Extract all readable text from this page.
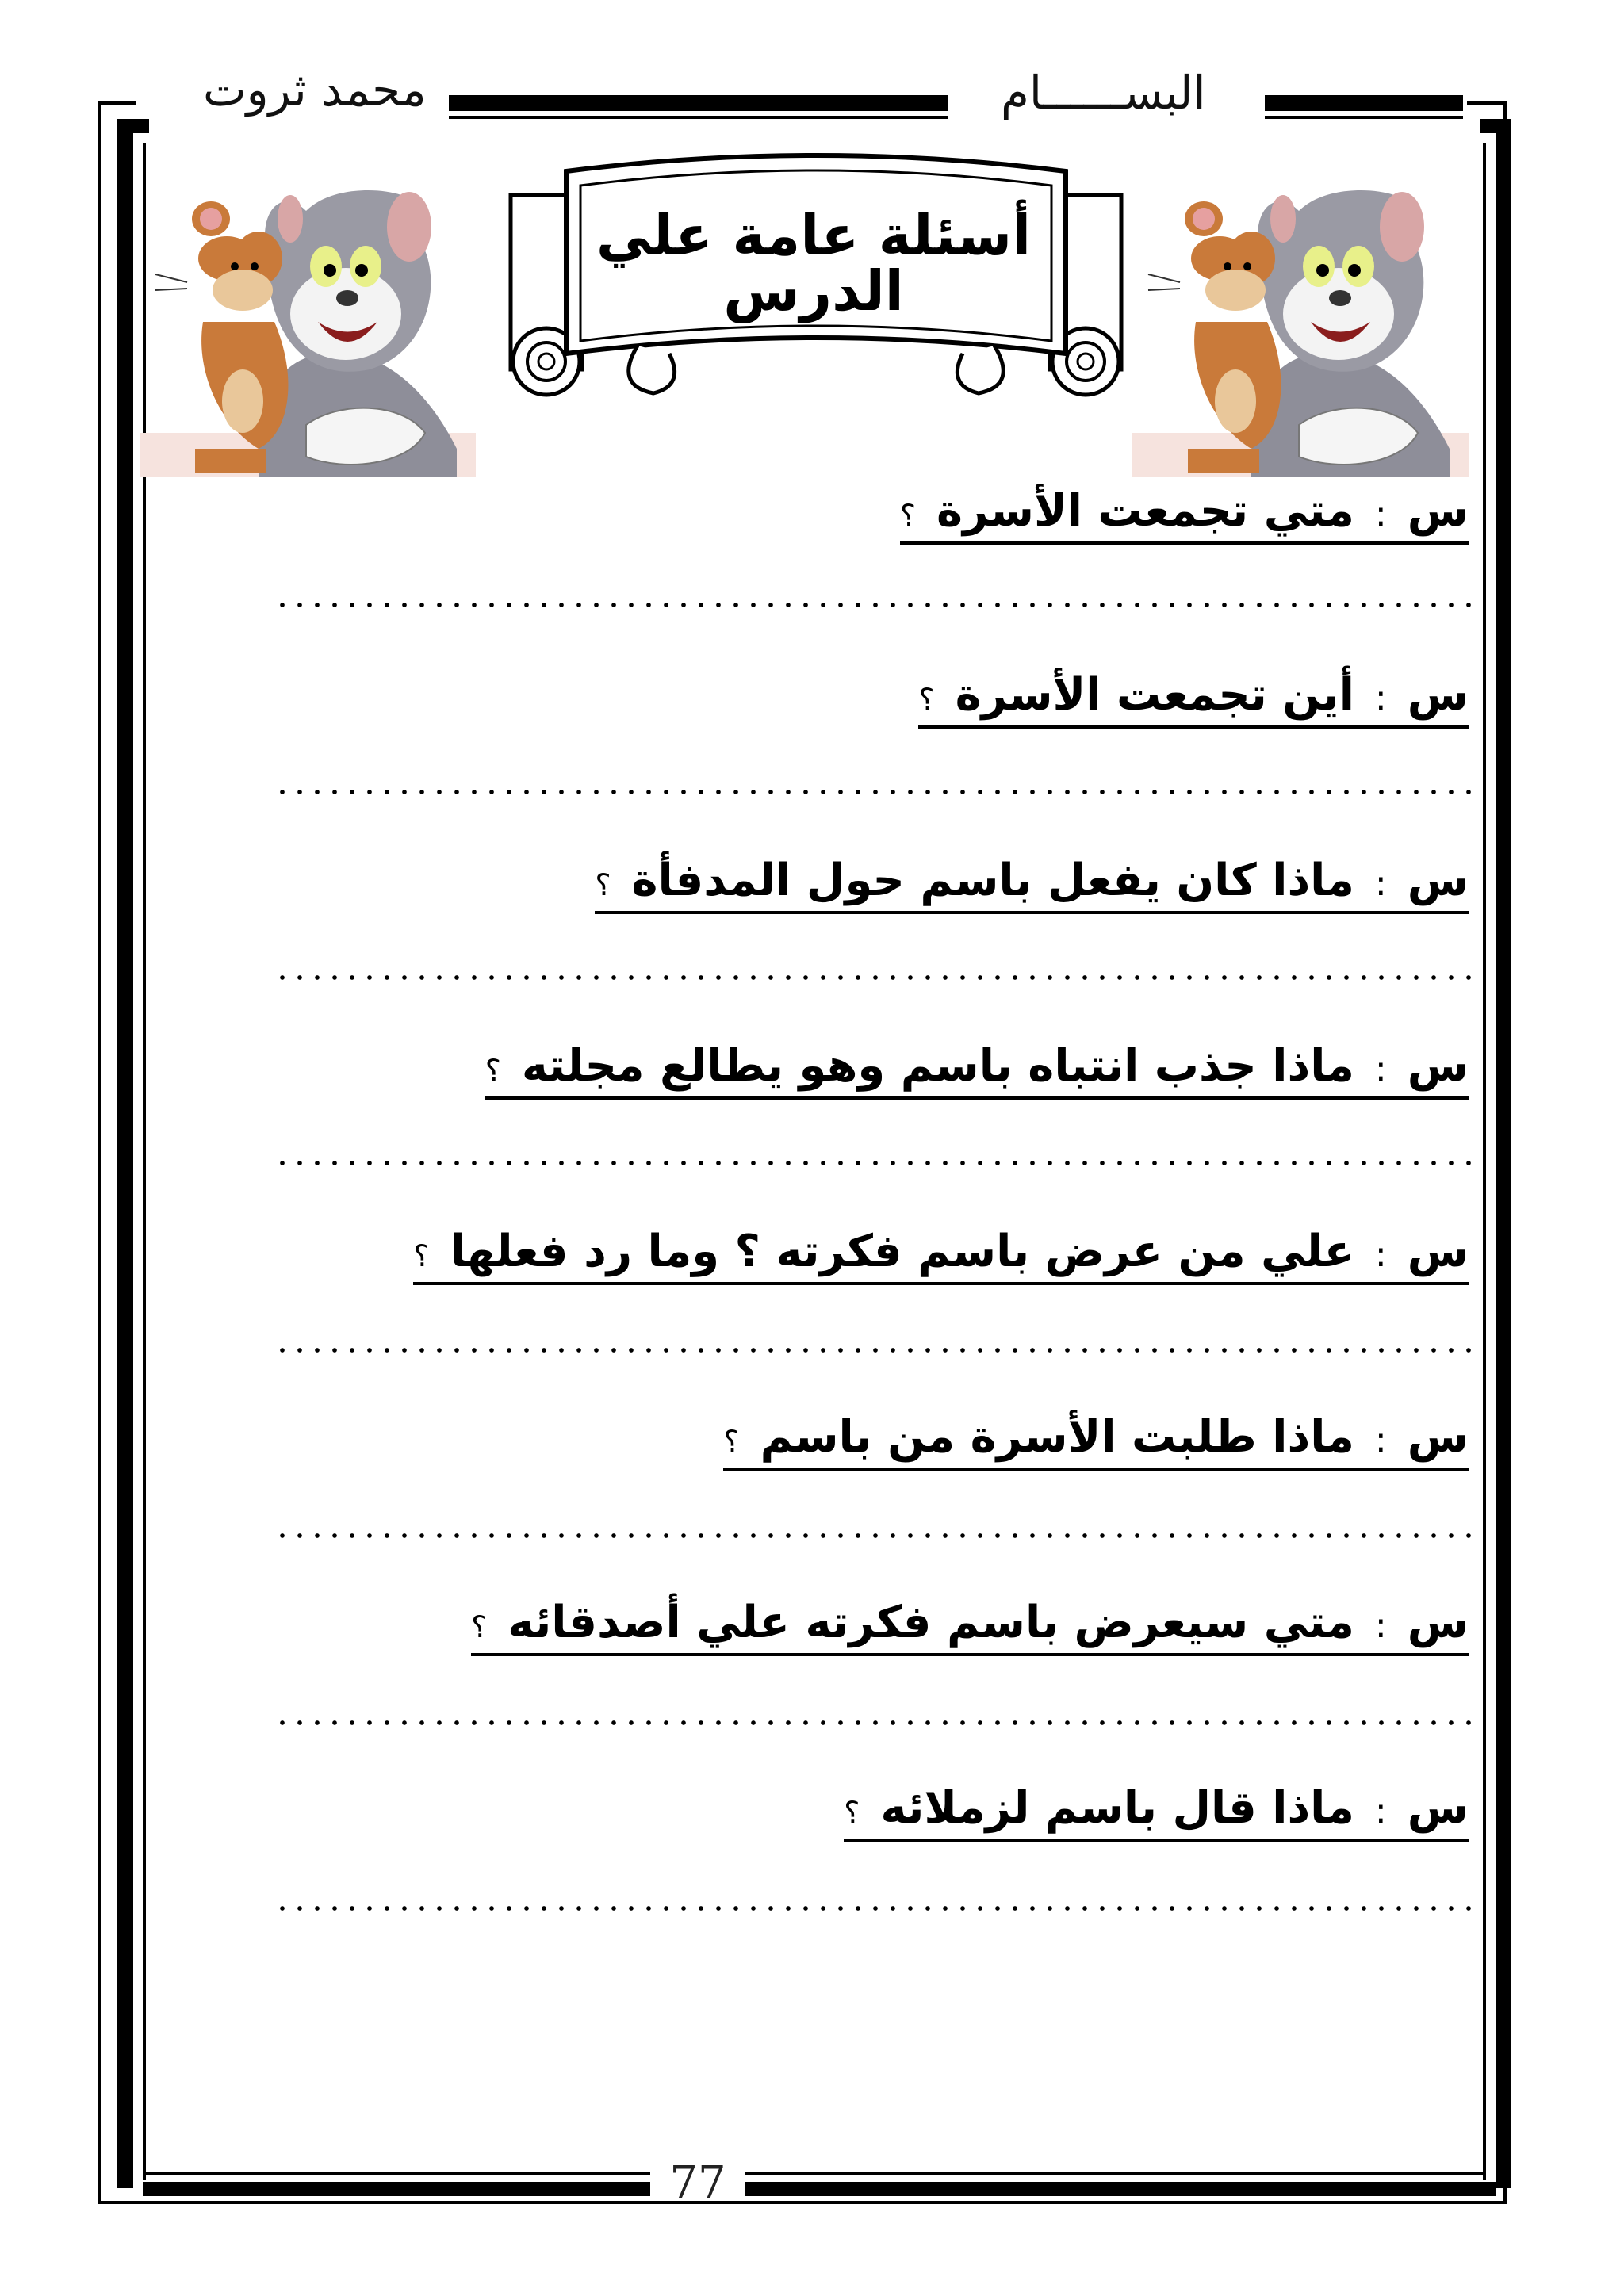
البســــــام
محمد ثروت
77
أسئلة عامة علي الدرس
س
:
متي تجمعت الأسرة
؟
س
:
أين تجمعت الأسرة
؟
س
:
ماذا كان يفعل باسم حول المدفأة
؟
س
:
ماذا جذب انتباه باسم وهو يطالع مجلته
؟
س
:
علي من عرض باسم فكرته ؟ وما رد فعلها
؟
س
:
ماذا طلبت الأسرة من باسم
؟
س
:
متي سيعرض باسم فكرته علي أصدقائه
؟
س
:
ماذا قال باسم لزملائه
؟
